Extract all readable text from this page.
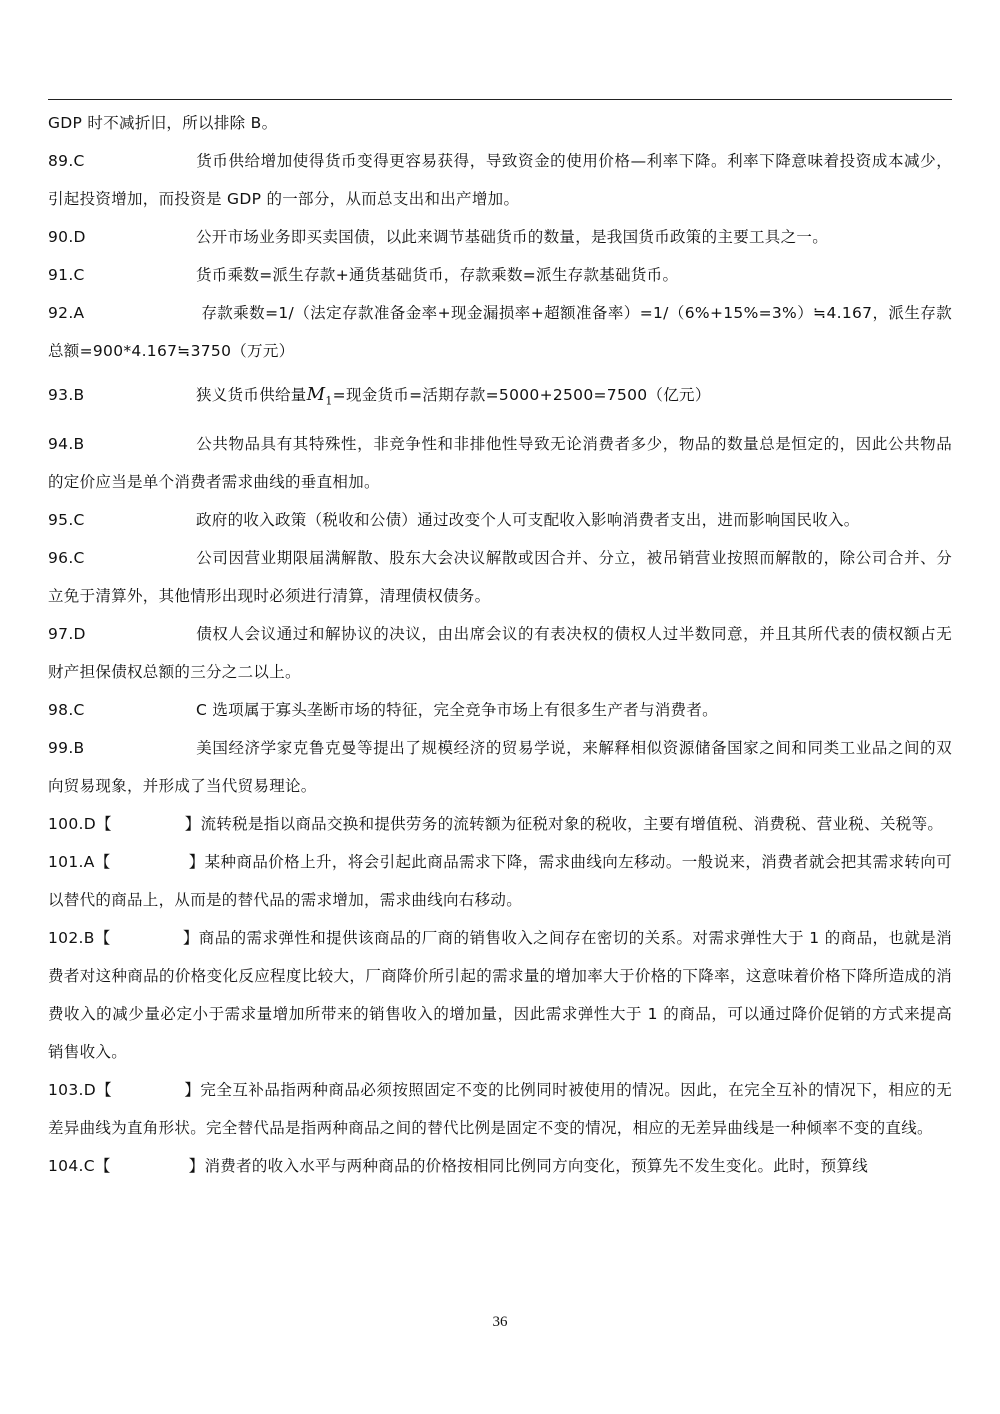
GDP 时不减折旧，所以排除 B。
89.C	货币供给增加使得货币变得更容易获得，导致资金的使用价格—利率下降。利率下降意味着投资成本减少，引起投资增加，而投资是 GDP 的一部分，从而总支出和出产增加。
90.D	公开市场业务即买卖国债，以此来调节基础货币的数量，是我国货币政策的主要工具之一。
91.C	货币乘数=派生存款+通货基础货币，存款乘数=派生存款基础货币。
92.A	存款乘数=1/（法定存款准备金率+现金漏损率+超额准备率）=1/（6%+15%=3%）≒4.167，派生存款总额=900*4.167≒3750（万元）
93.B	狭义货币供给量$M_1=$现金货币=活期存款=5000+2500=7500（亿元）
94.B	公共物品具有其特殊性，非竞争性和非排他性导致无论消费者多少，物品的数量总是恒定的，因此公共物品的定价应当是单个消费者需求曲线的垂直相加。
95.C	政府的收入政策（税收和公债）通过改变个人可支配收入影响消费者支出，进而影响国民收入。
96.C	公司因营业期限届满解散、股东大会决议解散或因合并、分立，被吊销营业按照而解散的，除公司合并、分立免于清算外，其他情形出现时必须进行清算，清理债权债务。
97.D	债权人会议通过和解协议的决议，由出席会议的有表决权的债权人过半数同意，并且其所代表的债权额占无财产担保债权总额的三分之二以上。
98.C	C 选项属于寡头垄断市场的特征，完全竞争市场上有很多生产者与消费者。
99.B	美国经济学家克鲁克曼等提出了规模经济的贸易学说，来解释相似资源储备国家之间和同类工业品之间的双向贸易现象，并形成了当代贸易理论。
100.D【	】流转税是指以商品交换和提供劳务的流转额为征税对象的税收，主要有增值税、消费税、营业税、关税等。
101.A【	】某种商品价格上升，将会引起此商品需求下降，需求曲线向左移动。一般说来，消费者就会把其需求转向可以替代的商品上，从而是的替代品的需求增加，需求曲线向右移动。
102.B【	】商品的需求弹性和提供该商品的厂商的销售收入之间存在密切的关系。对需求弹性大于 1 的商品，也就是消费者对这种商品的价格变化反应程度比较大，厂商降价所引起的需求量的增加率大于价格的下降率，这意味着价格下降所造成的消费收入的减少量必定小于需求量增加所带来的销售收入的增加量，因此需求弹性大于 1 的商品，可以通过降价促销的方式来提高销售收入。
103.D【	】完全互补品指两种商品必须按照固定不变的比例同时被使用的情况。因此，在完全互补的情况下，相应的无差异曲线为直角形状。完全替代品是指两种商品之间的替代比例是固定不变的情况，相应的无差异曲线是一种倾率不变的直线。
104.C【	】消费者的收入水平与两种商品的价格按相同比例同方向变化，预算先不发生变化。此时，预算线
36
